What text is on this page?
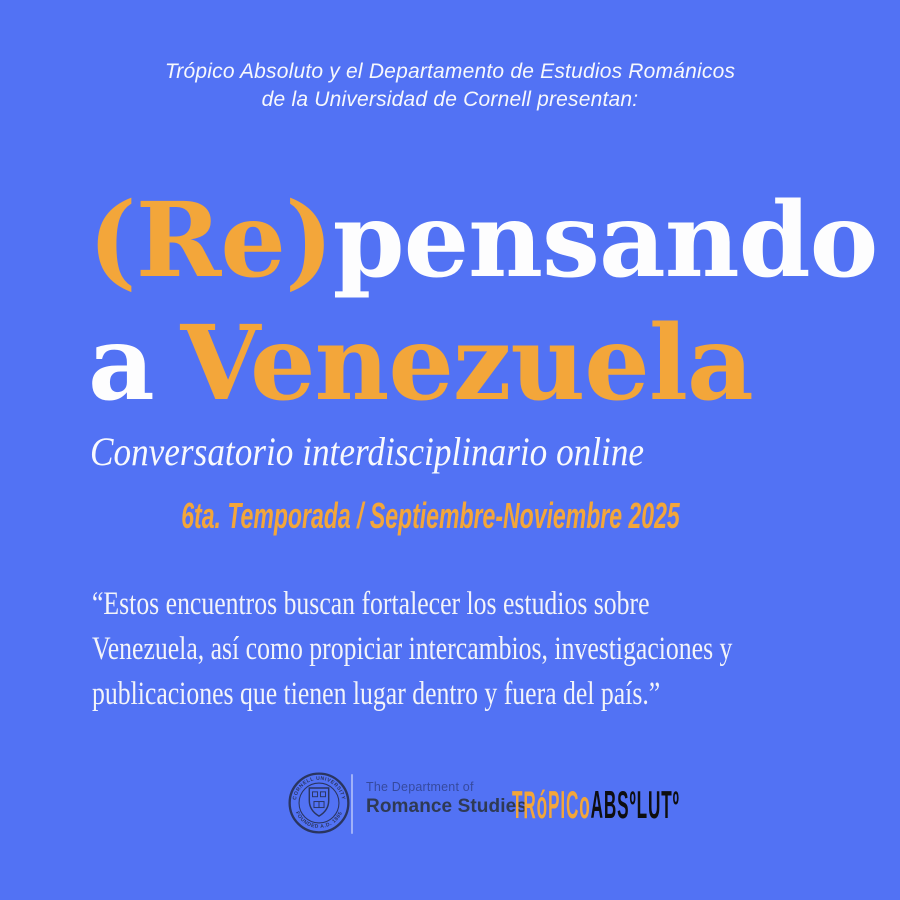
Trópico Absoluto y el Departamento de Estudios Románicos
de la Universidad de Cornell presentan:
(Re)pensando
a Venezuela
Conversatorio interdisciplinario online
6ta. Temporada / Septiembre-Noviembre 2025
“Estos encuentros buscan fortalecer los estudios sobre
Venezuela, así como propiciar intercambios, investigaciones y
publicaciones que tienen lugar dentro y fuera del país.”
CORNELL UNIVERSITY
FOUNDED A.D. 1865
The Department of
Romance Studies
TRóPICoABSºLUTº
